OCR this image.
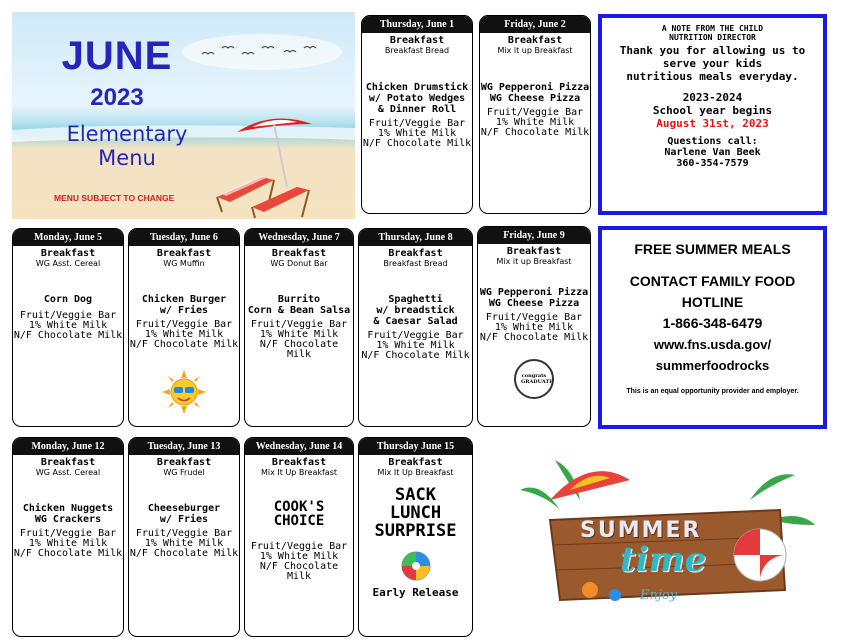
JUNE
2023
Elementary
Menu
MENU SUBJECT TO CHANGE
Thursday, June 1
Breakfast
Breakfast Bread
Chicken Drumstick
w/ Potato Wedges
& Dinner Roll
Fruit/Veggie Bar
1% White Milk
N/F Chocolate Milk
Friday, June 2
Breakfast
Mix it up Breakfast
WG Pepperoni Pizza
WG Cheese Pizza
Fruit/Veggie Bar
1% White Milk
N/F Chocolate Milk
A NOTE FROM THE CHILD
NUTRITION DIRECTOR
Thank you for allowing us to
serve your kids
nutritious meals everyday.
2023-2024
School year begins
August 31st, 2023
Questions call:
Narlene Van Beek
360-354-7579
Monday, June 5
Breakfast
WG Asst. Cereal
Corn Dog
Fruit/Veggie Bar
1% White Milk
N/F Chocolate Milk
Tuesday, June 6
Breakfast
WG Muffin
Chicken Burger
w/ Fries
Fruit/Veggie Bar
1% White Milk
N/F Chocolate Milk
Wednesday, June 7
Breakfast
WG Donut Bar
Burrito
Corn & Bean Salsa
Fruit/Veggie Bar
1% White Milk
N/F Chocolate Milk
Thursday, June 8
Breakfast
Breakfast Bread
Spaghetti
w/ breadstick
& Caesar Salad
Fruit/Veggie Bar
1% White Milk
N/F Chocolate Milk
Friday, June 9
Breakfast
Mix it up Breakfast
WG Pepperoni Pizza
WG Cheese Pizza
Fruit/Veggie Bar
1% White Milk
N/F Chocolate Milk
congrats GRADUATE
FREE SUMMER MEALS
CONTACT FAMILY FOOD
HOTLINE
1-866-348-6479
www.fns.usda.gov/
summerfoodrocks
This is an equal opportunity provider and employer.
Monday, June 12
Breakfast
WG Asst. Cereal
Chicken Nuggets
WG Crackers
Fruit/Veggie Bar
1% White Milk
N/F Chocolate Milk
Tuesday, June 13
Breakfast
WG Frudel
Cheeseburger
w/ Fries
Fruit/Veggie Bar
1% White Milk
N/F Chocolate Milk
Wednesday, June 14
Breakfast
Mix It Up Breakfast
COOK'S
CHOICE
Fruit/Veggie Bar
1% White Milk
N/F Chocolate Milk
Thursday June 15
Breakfast
Mix It Up Breakfast
SACK
LUNCH
SURPRISE
Early Release
SUMMER
time
Enjoy
